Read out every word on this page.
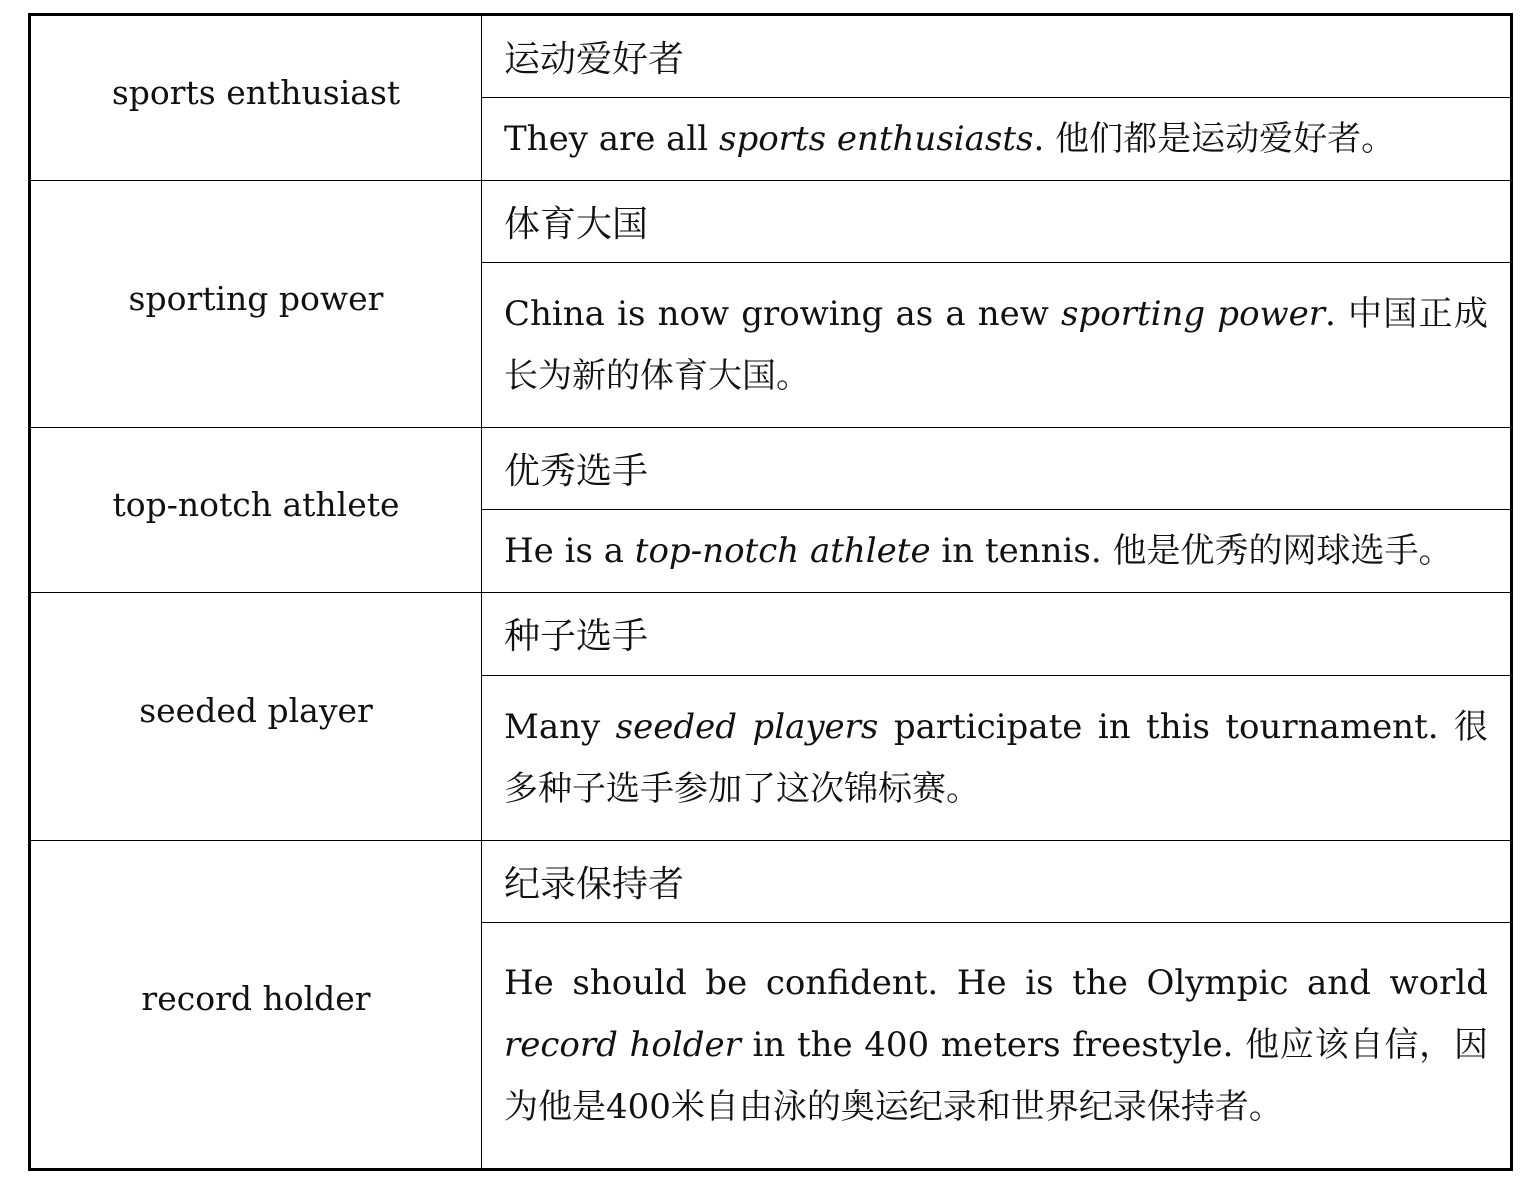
sports enthusiast	运动爱好者
	They are all sports enthusiasts. 他们都是运动爱好者。
sporting power	体育大国
	China is now growing as a new sporting power. 中国正成长为新的体育大国。
top-notch athlete	优秀选手
	He is a top-notch athlete in tennis. 他是优秀的网球选手。
seeded player	种子选手
	Many seeded players participate in this tournament. 很多种子选手参加了这次锦标赛。
record holder	纪录保持者
	He should be confident. He is the Olympic and world record holder in the 400 meters freestyle. 他应该自信，因为他是400米自由泳的奥运纪录和世界纪录保持者。
